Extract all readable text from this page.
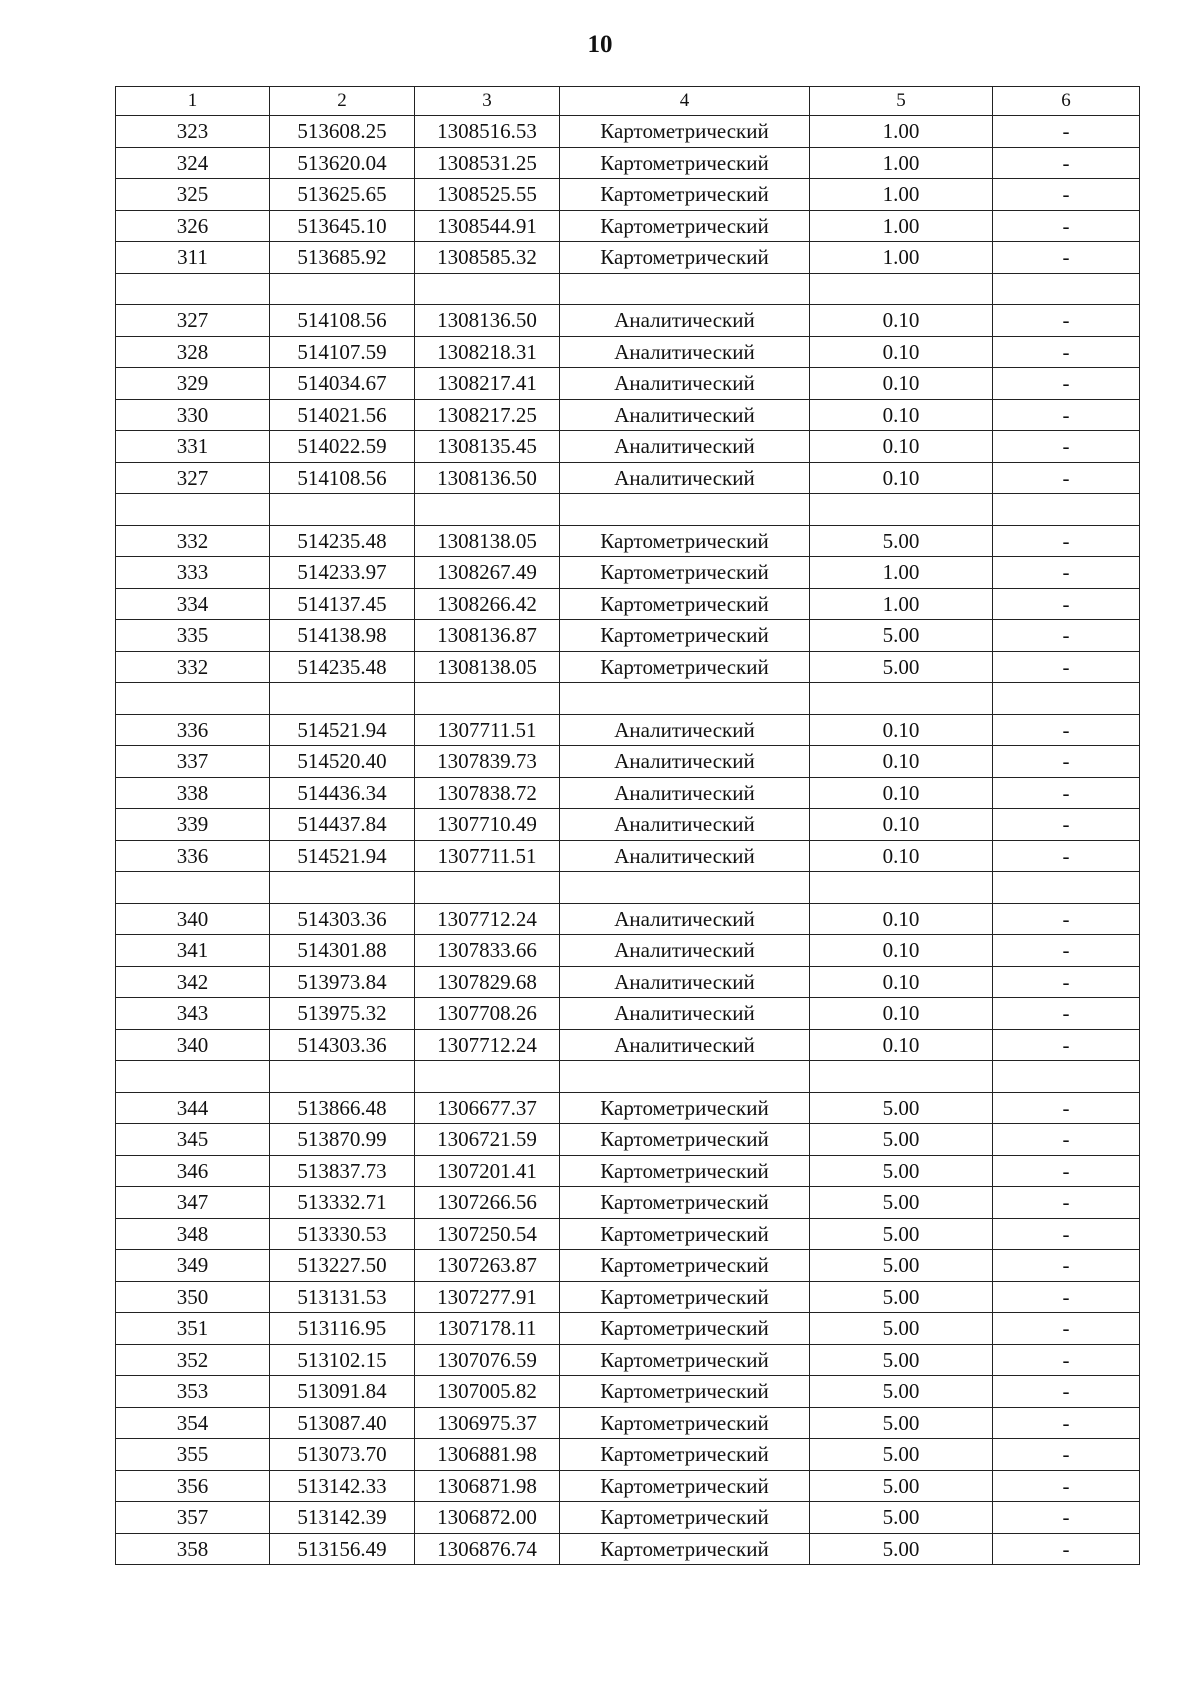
10
1	2	3	4	5	6
323	513608.25	1308516.53	Картометрический	1.00	-
324	513620.04	1308531.25	Картометрический	1.00	-
325	513625.65	1308525.55	Картометрический	1.00	-
326	513645.10	1308544.91	Картометрический	1.00	-
311	513685.92	1308585.32	Картометрический	1.00	-

327	514108.56	1308136.50	Аналитический	0.10	-
328	514107.59	1308218.31	Аналитический	0.10	-
329	514034.67	1308217.41	Аналитический	0.10	-
330	514021.56	1308217.25	Аналитический	0.10	-
331	514022.59	1308135.45	Аналитический	0.10	-
327	514108.56	1308136.50	Аналитический	0.10	-

332	514235.48	1308138.05	Картометрический	5.00	-
333	514233.97	1308267.49	Картометрический	1.00	-
334	514137.45	1308266.42	Картометрический	1.00	-
335	514138.98	1308136.87	Картометрический	5.00	-
332	514235.48	1308138.05	Картометрический	5.00	-

336	514521.94	1307711.51	Аналитический	0.10	-
337	514520.40	1307839.73	Аналитический	0.10	-
338	514436.34	1307838.72	Аналитический	0.10	-
339	514437.84	1307710.49	Аналитический	0.10	-
336	514521.94	1307711.51	Аналитический	0.10	-

340	514303.36	1307712.24	Аналитический	0.10	-
341	514301.88	1307833.66	Аналитический	0.10	-
342	513973.84	1307829.68	Аналитический	0.10	-
343	513975.32	1307708.26	Аналитический	0.10	-
340	514303.36	1307712.24	Аналитический	0.10	-

344	513866.48	1306677.37	Картометрический	5.00	-
345	513870.99	1306721.59	Картометрический	5.00	-
346	513837.73	1307201.41	Картометрический	5.00	-
347	513332.71	1307266.56	Картометрический	5.00	-
348	513330.53	1307250.54	Картометрический	5.00	-
349	513227.50	1307263.87	Картометрический	5.00	-
350	513131.53	1307277.91	Картометрический	5.00	-
351	513116.95	1307178.11	Картометрический	5.00	-
352	513102.15	1307076.59	Картометрический	5.00	-
353	513091.84	1307005.82	Картометрический	5.00	-
354	513087.40	1306975.37	Картометрический	5.00	-
355	513073.70	1306881.98	Картометрический	5.00	-
356	513142.33	1306871.98	Картометрический	5.00	-
357	513142.39	1306872.00	Картометрический	5.00	-
358	513156.49	1306876.74	Картометрический	5.00	-
